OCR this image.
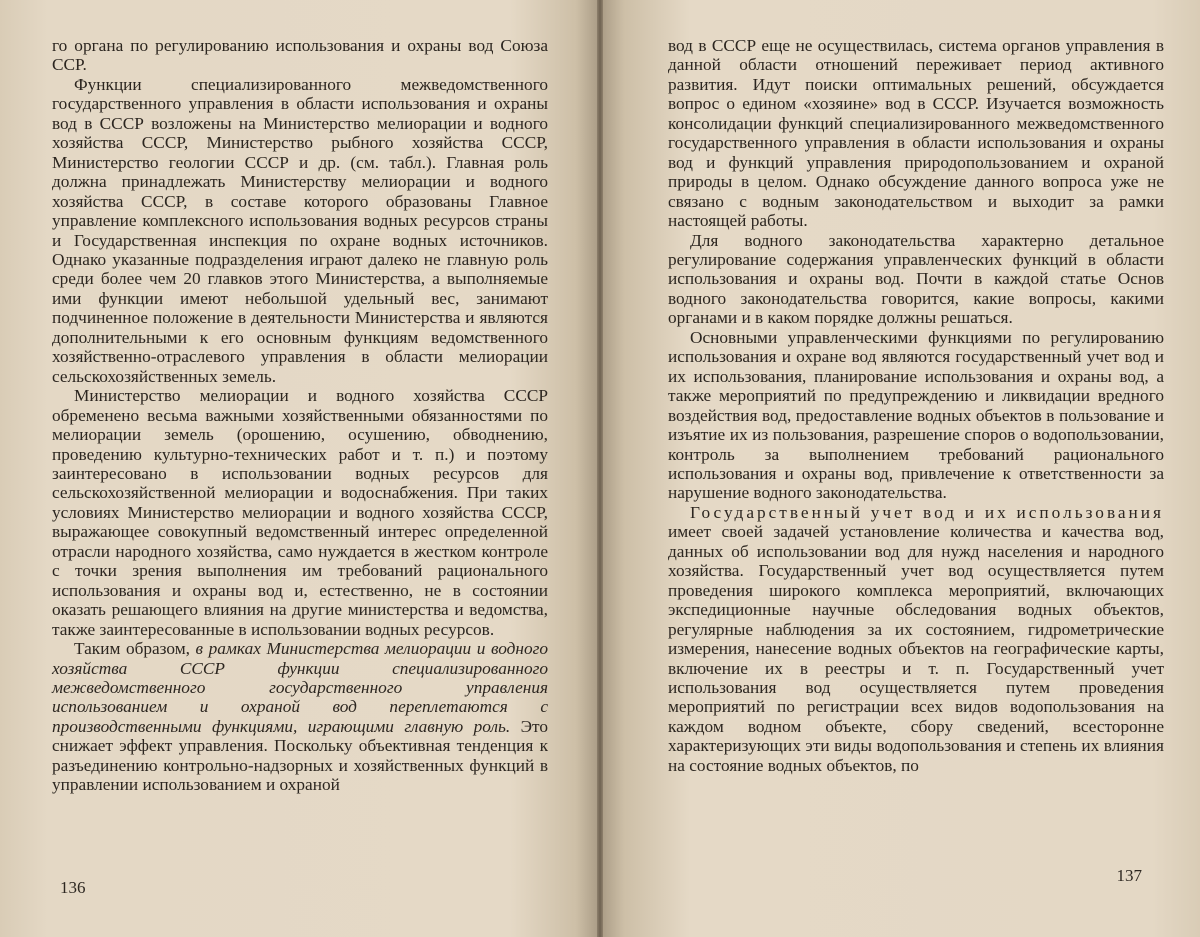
го органа по регулированию использования и охраны вод Союза ССР.

Функции специализированного межведомственного государственного управления в области использования и охраны вод в СССР возложены на Министерство мелиорации и водного хозяйства СССР, Министерство рыбного хозяйства СССР, Министерство геологии СССР и др. (см. табл.). Главная роль должна принадлежать Министерству мелиорации и водного хозяйства СССР, в составе которого образованы Главное управление комплексного использования водных ресурсов страны и Государственная инспекция по охране водных источников. Однако указанные подразделения играют далеко не главную роль среди более чем 20 главков этого Министерства, а выполняемые ими функции имеют небольшой удельный вес, занимают подчиненное положение в деятельности Министерства и являются дополнительными к его основным функциям ведомственного хозяйственно-отраслевого управления в области мелиорации сельскохозяйственных земель.

Министерство мелиорации и водного хозяйства СССР обременено весьма важными хозяйственными обязанностями по мелиорации земель (орошению, осушению, обводнению, проведению культурно-технических работ и т. п.) и поэтому заинтересовано в использовании водных ресурсов для сельскохозяйственной мелиорации и водоснабжения. При таких условиях Министерство мелиорации и водного хозяйства СССР, выражающее совокупный ведомственный интерес определенной отрасли народного хозяйства, само нуждается в жестком контроле с точки зрения выполнения им требований рационального использования и охраны вод и, естественно, не в состоянии оказать решающего влияния на другие министерства и ведомства, также заинтересованные в использовании водных ресурсов.

Таким образом, в рамках Министерства мелиорации и водного хозяйства СССР функции специализированного межведомственного государственного управления использованием и охраной вод переплетаются с производственными функциями, играющими главную роль. Это снижает эффект управления. Поскольку объективная тенденция к разъединению контрольно-надзорных и хозяйственных функций в управлении использованием и охраной

136

вод в СССР еще не осуществилась, система органов управления в данной области отношений переживает период активного развития. Идут поиски оптимальных решений, обсуждается вопрос о едином «хозяине» вод в СССР. Изучается возможность консолидации функций специализированного межведомственного государственного управления в области использования и охраны вод и функций управления природопользованием и охраной природы в целом. Однако обсуждение данного вопроса уже не связано с водным законодательством и выходит за рамки настоящей работы.

Для водного законодательства характерно детальное регулирование содержания управленческих функций в области использования и охраны вод. Почти в каждой статье Основ водного законодательства говорится, какие вопросы, какими органами и в каком порядке должны решаться.

Основными управленческими функциями по регулированию использования и охране вод являются государственный учет вод и их использования, планирование использования и охраны вод, а также мероприятий по предупреждению и ликвидации вредного воздействия вод, предоставление водных объектов в пользование и изъятие их из пользования, разрешение споров о водопользовании, контроль за выполнением требований рационального использования и охраны вод, привлечение к ответственности за нарушение водного законодательства.

Государственный учет вод и их использования имеет своей задачей установление количества и качества вод, данных об использовании вод для нужд населения и народного хозяйства. Государственный учет вод осуществляется путем проведения широкого комплекса мероприятий, включающих экспедиционные научные обследования водных объектов, регулярные наблюдения за их состоянием, гидрометрические измерения, нанесение водных объектов на географические карты, включение их в реестры и т. п. Государственный учет использования вод осуществляется путем проведения мероприятий по регистрации всех видов водопользования на каждом водном объекте, сбору сведений, всесторонне характеризующих эти виды водопользования и степень их влияния на состояние водных объектов, по

137
